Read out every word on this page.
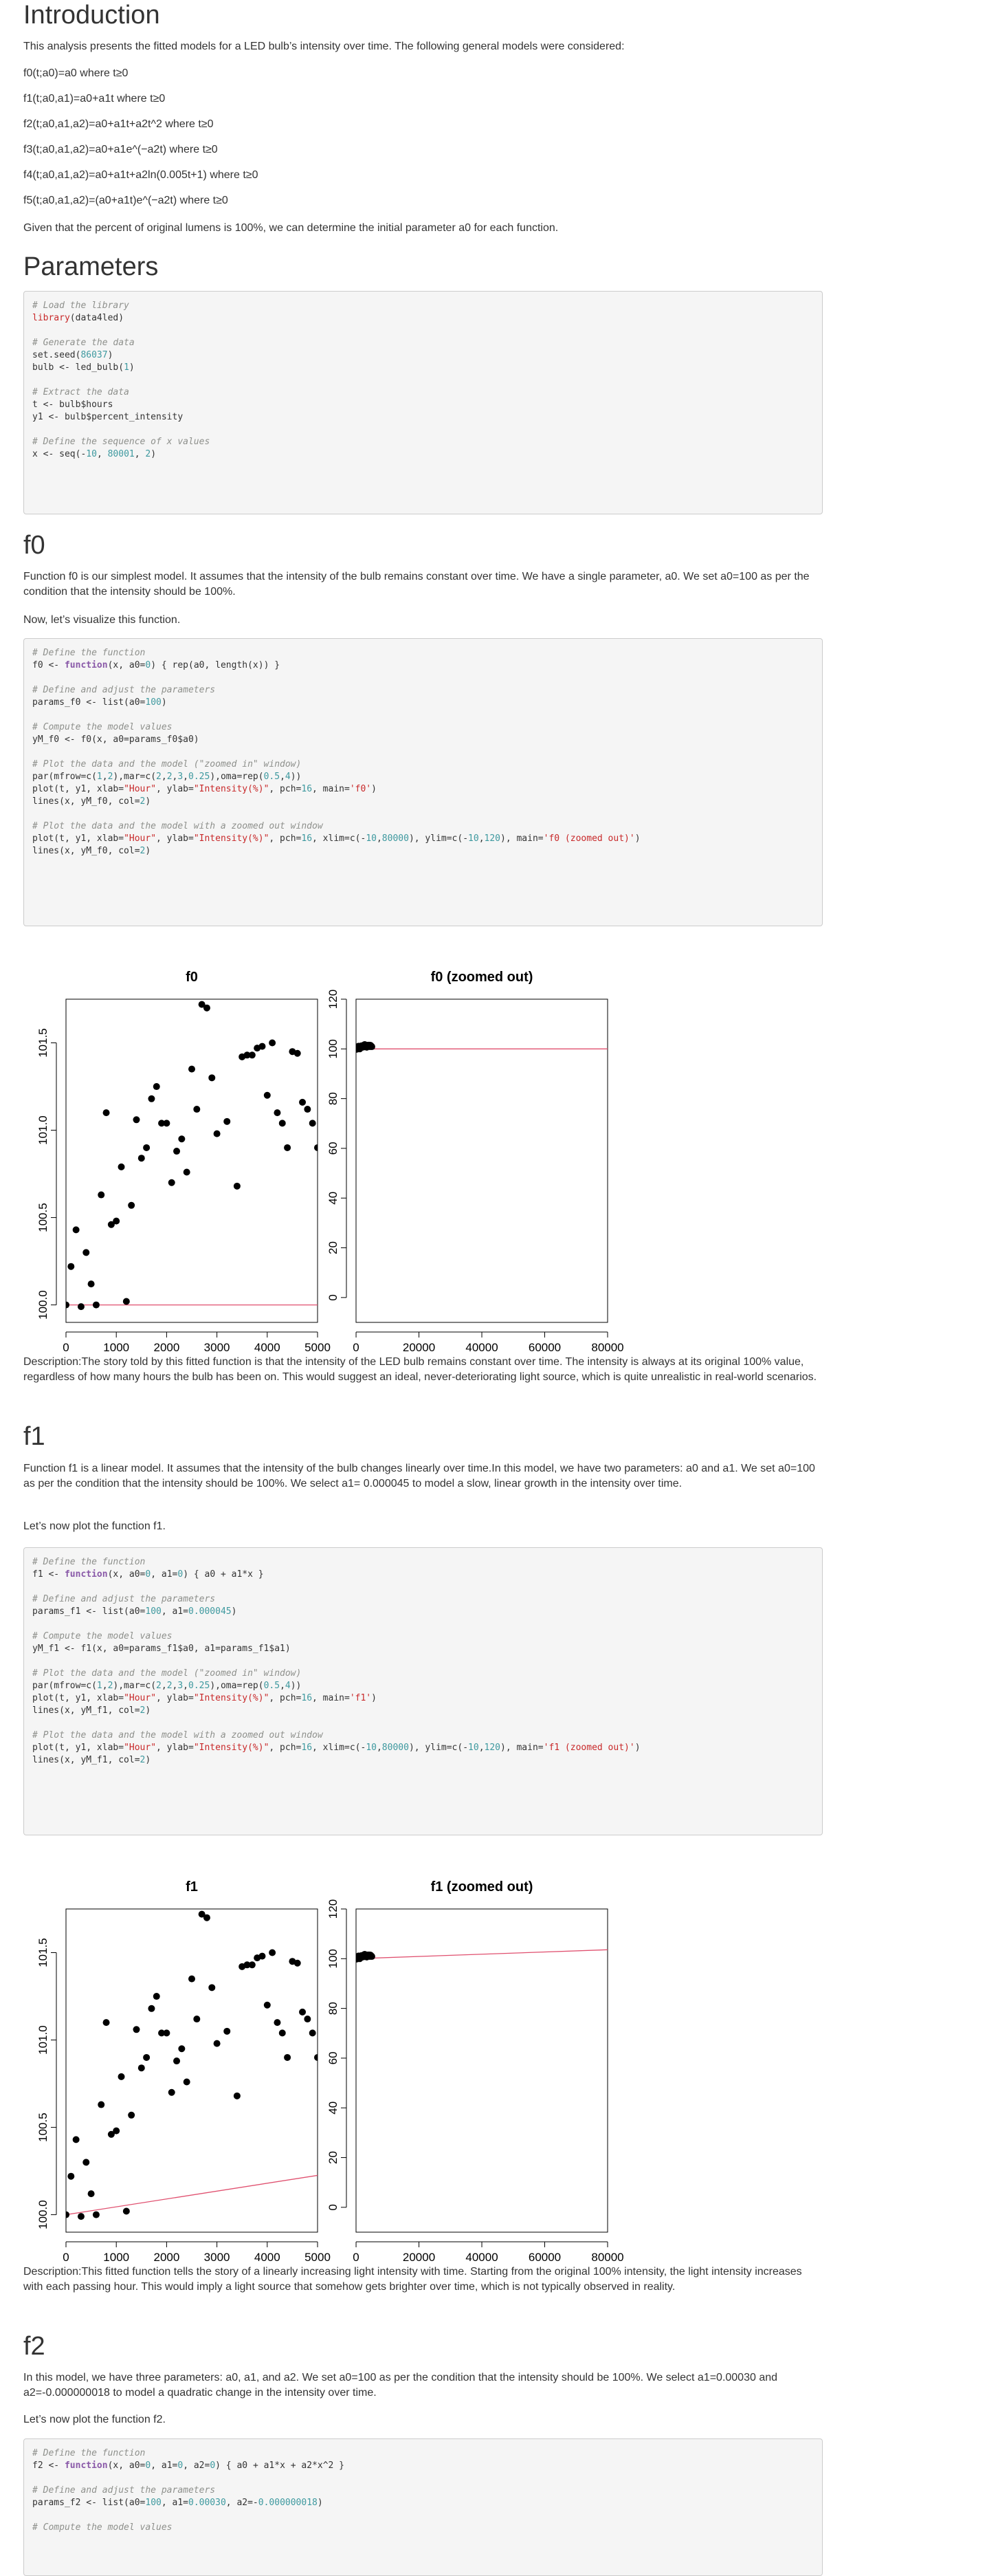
Introduction

This analysis presents the fitted models for a LED bulb’s intensity over time. The following general models were considered:

f0(t;a0)=a0 where t≥0

f1(t;a0,a1)=a0+a1t where t≥0

f2(t;a0,a1,a2)=a0+a1t+a2t^2 where t≥0

f3(t;a0,a1,a2)=a0+a1e^(−a2t) where t≥0

f4(t;a0,a1,a2)=a0+a1t+a2ln(0.005t+1) where t≥0

f5(t;a0,a1,a2)=(a0+a1t)e^(−a2t) where t≥0

Given that the percent of original lumens is 100%, we can determine the initial parameter a0 for each function.

Parameters
# Load the library
library(data4led)
# Generate the data
set.seed(86037)
bulb <- led_bulb(1)
# Extract the data
t <- bulb$hours
y1 <- bulb$percent_intensity
# Define the sequence of x values
x <- seq(-10, 80001, 2)
f0

Function f0 is our simplest model. It assumes that the intensity of the bulb remains constant over time. We have a single parameter, a0. We set a0=100 as per the condition that the intensity should be 100%.

Now, let’s visualize this function.

# Define the function
f0 <- function(x, a0=0) { rep(a0, length(x)) }
# Define and adjust the parameters
params_f0 <- list(a0=100)
# Compute the model values
yM_f0 <- f0(x, a0=params_f0$a0)
# Plot the data and the model ("zoomed in" window)
par(mfrow=c(1,2),mar=c(2,2,3,0.25),oma=rep(0.5,4))
plot(t, y1, xlab="Hour", ylab="Intensity(%)", pch=16, main='f0')
lines(x, yM_f0, col=2)
# Plot the data and the model with a zoomed out window
plot(t, y1, xlab="Hour", ylab="Intensity(%)", pch=16, xlim=c(-10,80000), ylim=c(-10,120), main='f0 (zoomed out)')
lines(x, yM_f0, col=2)
f0
0	1000 2000 3000 4000 5000
100.0
100.5
101.0
101.5
f0 (zoomed out)
0	20000	40000	60000	80000
0
20
40
60
80
100
120

Description:The story told by this fitted function is that the intensity of the LED bulb remains constant over time. The intensity is always at its original 100% value, regardless of how many hours the bulb has been on. This would suggest an ideal, never-deteriorating light source, which is quite unrealistic in real-world scenarios.

f1

Function f1 is a linear model. It assumes that the intensity of the bulb changes linearly over time.In this model, we have two parameters: a0 and a1. We set a0=100 as per the condition that the intensity should be 100%. We select a1= 0.000045 to model a slow, linear growth in the intensity over time.

Let’s now plot the function f1.

# Define the function
f1 <- function(x, a0=0, a1=0) { a0 + a1*x }
# Define and adjust the parameters
params_f1 <- list(a0=100, a1=0.000045)
# Compute the model values
yM_f1 <- f1(x, a0=params_f1$a0, a1=params_f1$a1)
# Plot the data and the model ("zoomed in" window)
par(mfrow=c(1,2),mar=c(2,2,3,0.25),oma=rep(0.5,4))
plot(t, y1, xlab="Hour", ylab="Intensity(%)", pch=16, main='f1')
lines(x, yM_f1, col=2)
# Plot the data and the model with a zoomed out window
plot(t, y1, xlab="Hour", ylab="Intensity(%)", pch=16, xlim=c(-10,80000), ylim=c(-10,120), main='f1 (zoomed out)')
lines(x, yM_f1, col=2)
f1
0	1000 2000 3000 4000 5000
100.0
100.5
101.0
101.5
f1 (zoomed out)
0	20000	40000	60000	80000
0
20
40
60
80
100
120

Description:This fitted function tells the story of a linearly increasing light intensity with time. Starting from the original 100% intensity, the light intensity increases with each passing hour. This would imply a light source that somehow gets brighter over time, which is not typically observed in reality.

f2

In this model, we have three parameters: a0, a1, and a2. We set a0=100 as per the condition that the intensity should be 100%. We select a1=0.00030 and a2=-0.000000018 to model a quadratic change in the intensity over time.

Let’s now plot the function f2.

# Define the function
f2 <- function(x, a0=0, a1=0, a2=0) { a0 + a1*x + a2*x^2 }
# Define and adjust the parameters
params_f2 <- list(a0=100, a1=0.00030, a2=-0.000000018)
# Compute the model values
